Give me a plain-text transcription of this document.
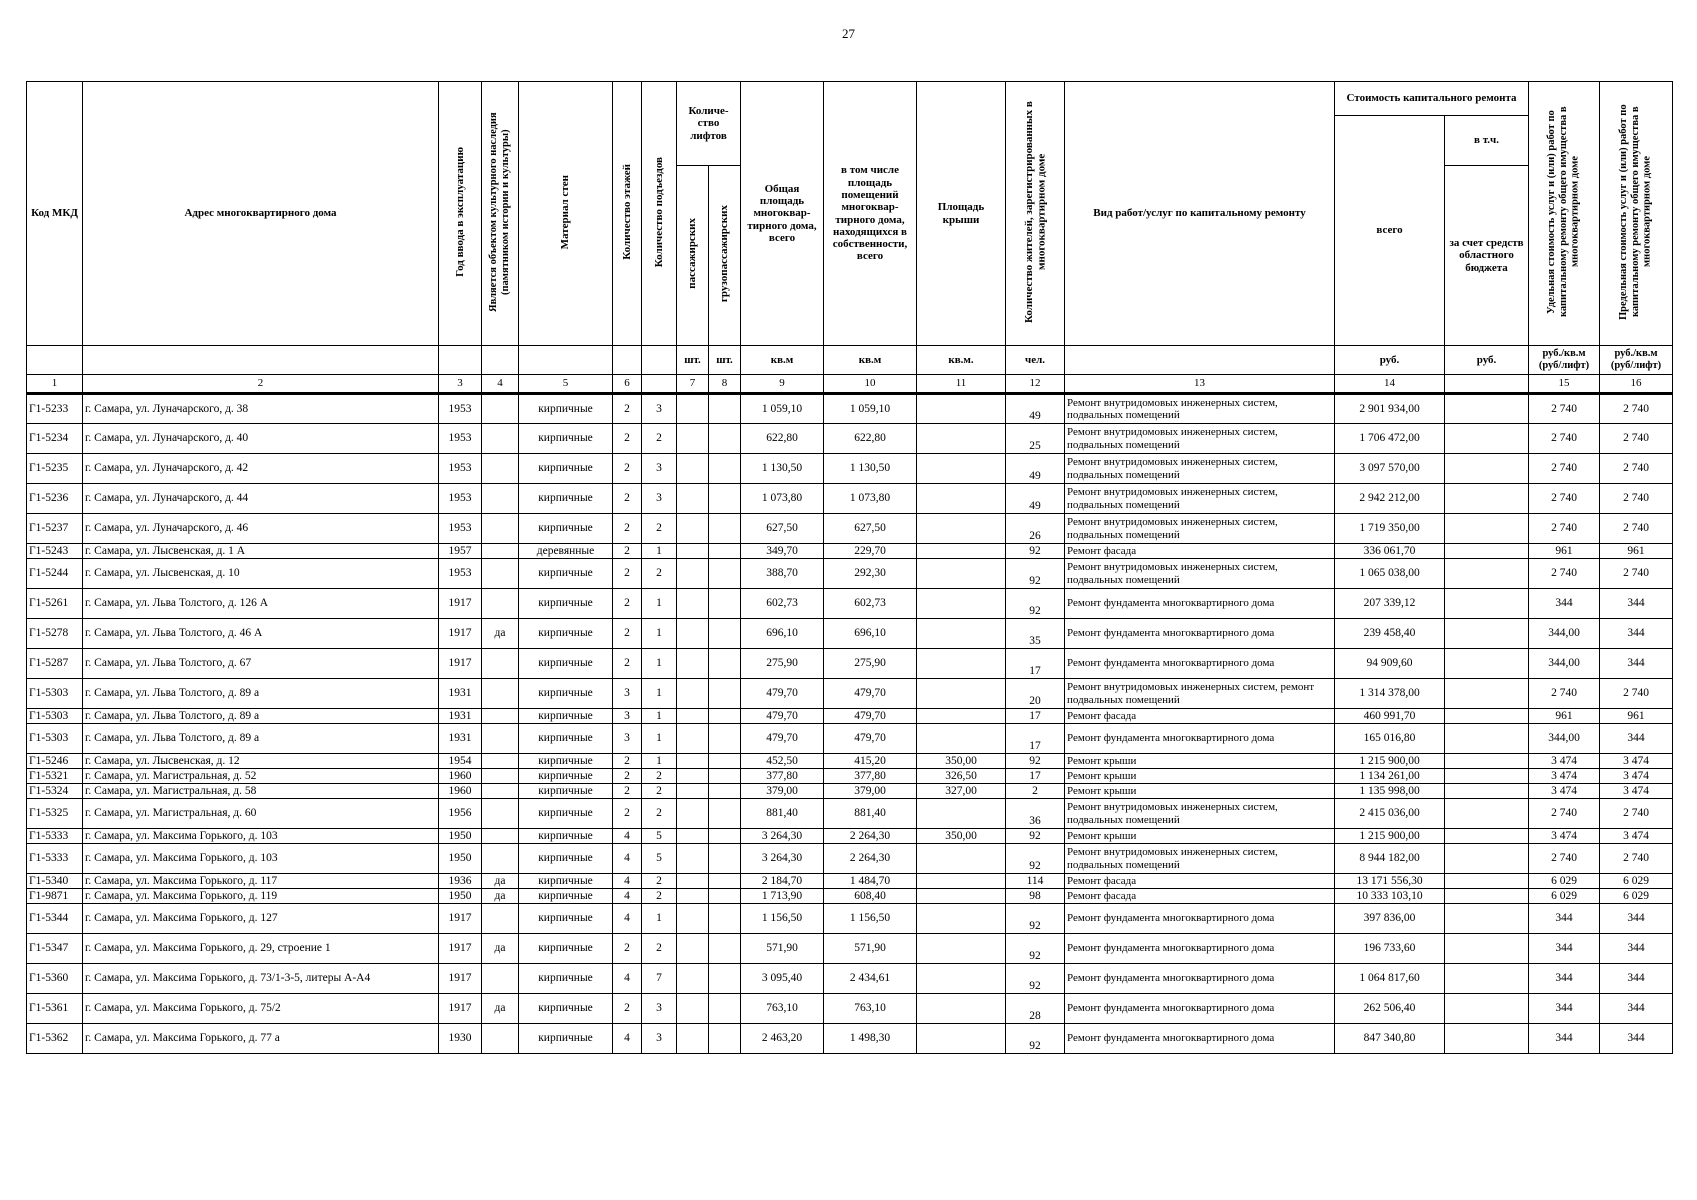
27
Код МКД	Адрес многоквартирного дома	Год ввода в эксплуатацию	Является объектом культурного наследия (памятником истории и культуры)	Материал стен	Количество этажей	Количество подъездов	Количе-ство лифтов		Общая площадь многоквар-тирного дома, всего	в том числе площадь помещений многоквар-тирного дома, находящихся в собственности, всего	Площадь крыши	Количество жителей, зарегистрированных в многоквартирном доме	Вид работ/услуг по капитальному ремонту	Стоимость капитального ремонта		Удельная стоимость услуг и (или) работ по капитальному ремонту общего имущества в многоквартирном доме	Предельная стоимость услуг и (или) работ по капитальному ремонту общего имущества в многоквартирном доме
														всего	в т.ч.		
							пассажирских	грузопассажирских							за счет средств областного бюджета		
							шт.	шт.	кв.м	кв.м	кв.м.	чел.		руб.	руб.	руб./кв.м (руб/лифт)	руб./кв.м (руб/лифт)
1	2	3	4	5	6		7	8	9	10	11	12	13	14		15	16
Г1-5233	г. Самара, ул. Луначарского, д. 38	1953		кирпичные	2	3			1 059,10	1 059,10		49	Ремонт внутридомовых инженерных систем, подвальных помещений	2 901 934,00		2 740	2 740
Г1-5234	г. Самара, ул. Луначарского, д. 40	1953		кирпичные	2	2			622,80	622,80		25	Ремонт внутридомовых инженерных систем, подвальных помещений	1 706 472,00		2 740	2 740
Г1-5235	г. Самара, ул. Луначарского, д. 42	1953		кирпичные	2	3			1 130,50	1 130,50		49	Ремонт внутридомовых инженерных систем, подвальных помещений	3 097 570,00		2 740	2 740
Г1-5236	г. Самара, ул. Луначарского, д. 44	1953		кирпичные	2	3			1 073,80	1 073,80		49	Ремонт внутридомовых инженерных систем, подвальных помещений	2 942 212,00		2 740	2 740
Г1-5237	г. Самара, ул. Луначарского, д. 46	1953		кирпичные	2	2			627,50	627,50		26	Ремонт внутридомовых инженерных систем, подвальных помещений	1 719 350,00		2 740	2 740
Г1-5243	г. Самара, ул. Лысвенская, д. 1 А	1957		деревянные	2	1			349,70	229,70		92	Ремонт фасада	336 061,70		961	961
Г1-5244	г. Самара, ул. Лысвенская, д. 10	1953		кирпичные	2	2			388,70	292,30		92	Ремонт внутридомовых инженерных систем, подвальных помещений	1 065 038,00		2 740	2 740
Г1-5261	г. Самара, ул. Льва Толстого, д. 126 А	1917		кирпичные	2	1			602,73	602,73		92	Ремонт фундамента многоквартирного дома	207 339,12		344	344
Г1-5278	г. Самара, ул. Льва Толстого, д. 46 А	1917	да	кирпичные	2	1			696,10	696,10		35	Ремонт фундамента многоквартирного дома	239 458,40		344,00	344
Г1-5287	г. Самара, ул. Льва Толстого, д. 67	1917		кирпичные	2	1			275,90	275,90		17	Ремонт фундамента многоквартирного дома	94 909,60		344,00	344
Г1-5303	г. Самара, ул. Льва Толстого, д. 89 а	1931		кирпичные	3	1			479,70	479,70		20	Ремонт внутридомовых инженерных систем, ремонт подвальных помещений	1 314 378,00		2 740	2 740
Г1-5303	г. Самара, ул. Льва Толстого, д. 89 а	1931		кирпичные	3	1			479,70	479,70		17	Ремонт фасада	460 991,70		961	961
Г1-5303	г. Самара, ул. Льва Толстого, д. 89 а	1931		кирпичные	3	1			479,70	479,70		17	Ремонт фундамента многоквартирного дома	165 016,80		344,00	344
Г1-5246	г. Самара, ул. Лысвенская, д. 12	1954		кирпичные	2	1			452,50	415,20	350,00	92	Ремонт крыши	1 215 900,00		3 474	3 474
Г1-5321	г. Самара, ул. Магистральная, д. 52	1960		кирпичные	2	2			377,80	377,80	326,50	17	Ремонт крыши	1 134 261,00		3 474	3 474
Г1-5324	г. Самара, ул. Магистральная, д. 58	1960		кирпичные	2	2			379,00	379,00	327,00	2	Ремонт крыши	1 135 998,00		3 474	3 474
Г1-5325	г. Самара, ул. Магистральная, д. 60	1956		кирпичные	2	2			881,40	881,40		36	Ремонт внутридомовых инженерных систем, подвальных помещений	2 415 036,00		2 740	2 740
Г1-5333	г. Самара, ул. Максима Горького, д. 103	1950		кирпичные	4	5			3 264,30	2 264,30	350,00	92	Ремонт крыши	1 215 900,00		3 474	3 474
Г1-5333	г. Самара, ул. Максима Горького, д. 103	1950		кирпичные	4	5			3 264,30	2 264,30		92	Ремонт внутридомовых инженерных систем, подвальных помещений	8 944 182,00		2 740	2 740
Г1-5340	г. Самара, ул. Максима Горького, д. 117	1936	да	кирпичные	4	2			2 184,70	1 484,70		114	Ремонт фасада	13 171 556,30		6 029	6 029
Г1-9871	г. Самара, ул. Максима Горького, д. 119	1950	да	кирпичные	4	2			1 713,90	608,40		98	Ремонт фасада	10 333 103,10		6 029	6 029
Г1-5344	г. Самара, ул. Максима Горького, д. 127	1917		кирпичные	4	1			1 156,50	1 156,50		92	Ремонт фундамента многоквартирного дома	397 836,00		344	344
Г1-5347	г. Самара, ул. Максима Горького, д. 29, строение 1	1917	да	кирпичные	2	2			571,90	571,90		92	Ремонт фундамента многоквартирного дома	196 733,60		344	344
Г1-5360	г. Самара, ул. Максима Горького, д. 73/1-3-5, литеры А-А4	1917		кирпичные	4	7			3 095,40	2 434,61		92	Ремонт фундамента многоквартирного дома	1 064 817,60		344	344
Г1-5361	г. Самара, ул. Максима Горького, д. 75/2	1917	да	кирпичные	2	3			763,10	763,10		28	Ремонт фундамента многоквартирного дома	262 506,40		344	344
Г1-5362	г. Самара, ул. Максима Горького, д. 77 а	1930		кирпичные	4	3			2 463,20	1 498,30		92	Ремонт фундамента многоквартирного дома	847 340,80		344	344
